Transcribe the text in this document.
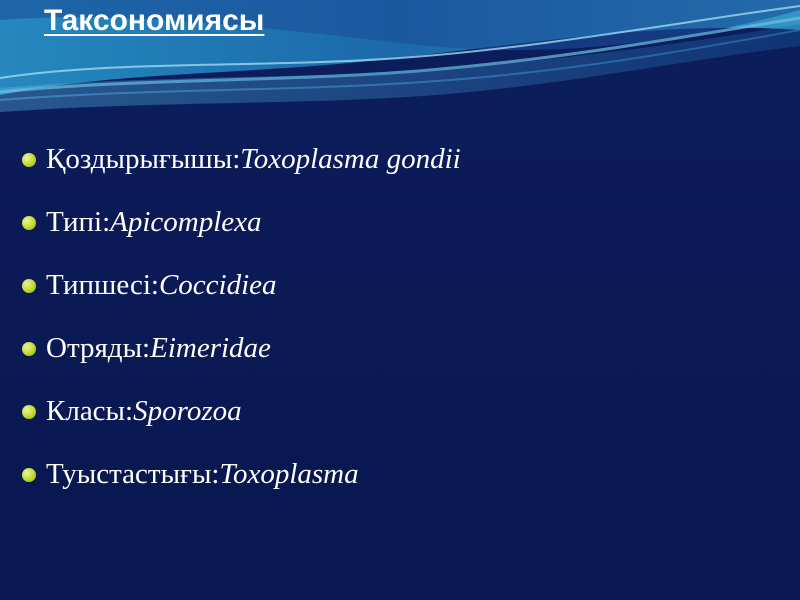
Таксономиясы
Қоздырығышы: Toxoplasma gondii
Типі: Apicomplexa
Типшесі: Coccidiea
Отряды: Eimeridae
Класы: Sporozoa
Туыстастығы: Toxoplasma
